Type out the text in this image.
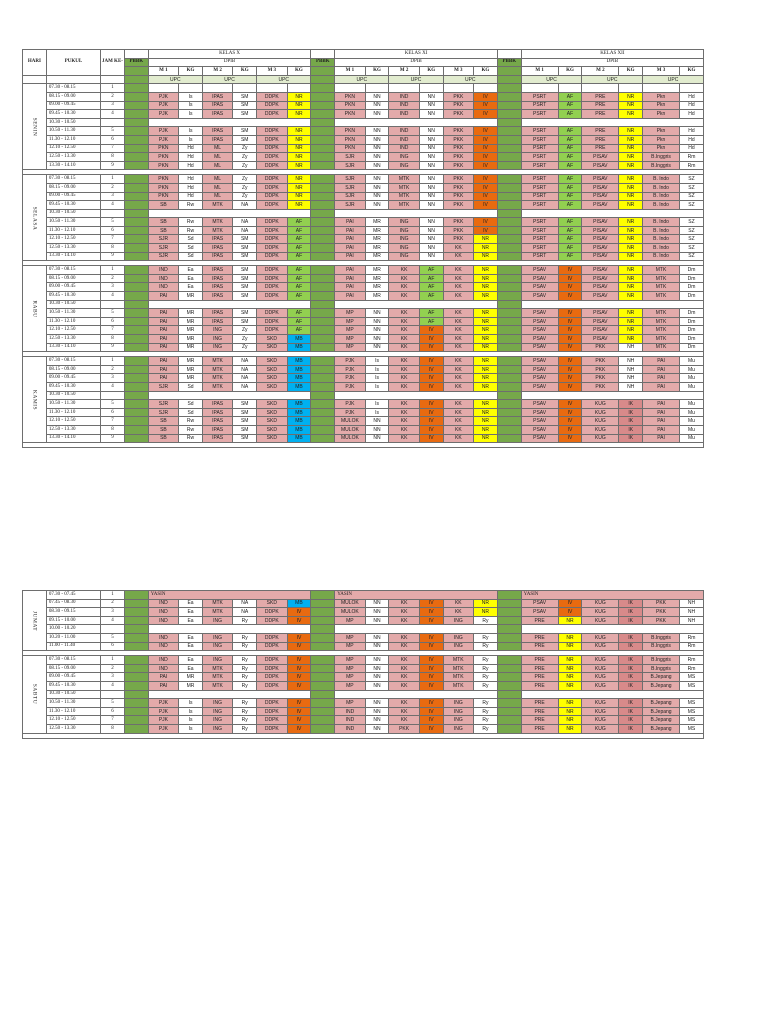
HARI	PUKUL	JAM KE-		KELAS X							KELAS XI							KELAS XII					
			PBBK	DPIB						PBBK	DPIB						PBBK	DPIB					
				M 1	KG	M 2	KG	M 3	KG		M 1	KG	M 2	KG	M 3	KG		M 1	KG	M 2	KG	M 3	KG
				UPC		UPC		UPC			UPC		UPC		UPC			UPC		UPC		UPC	

SENIN	07.30 - 08.15	1																					
	08.15 - 09.00	2		PJK	Is	IPAS	SM	DDPK	NR		PKN	NN	IND	NN	PKK	IV		PSRT	AF	PRE	NR	Pkn	Hd
	09.00 - 09.45	3		PJK	Is	IPAS	SM	DDPK	NR		PKN	NN	IND	NN	PKK	IV		PSRT	AF	PRE	NR	Pkn	Hd
	09.45 - 10.30	4		PJK	Is	IPAS	SM	DDPK	NR		PKN	NN	IND	NN	PKK	IV		PSRT	AF	PRE	NR	Pkn	Hd
	10.30 - 10.50																						
	10.50 - 11.30	5		PJK	Is	IPAS	SM	DDPK	NR		PKN	NN	IND	NN	PKK	IV		PSRT	AF	PRE	NR	Pkn	Hd
	11.30 - 12.10	6		PJK	Is	IPAS	SM	DDPK	NR		PKN	NN	IND	NN	PKK	IV		PSRT	AF	PRE	NR	Pkn	Hd
	12.10 - 12.50	7		PKN	Hd	ML	Zy	DDPK	NR		PKN	NN	IND	NN	PKK	IV		PSRT	AF	PRE	NR	Pkn	Hd
	12.50 - 13.30	8		PKN	Hd	ML	Zy	DDPK	NR		SJR	NN	ING	NN	PKK	IV		PSRT	AF	PISAV	NR	B.Inggris	Rm
	13.30 - 14.10	9		PKN	Hd	ML	Zy	DDPK	NR		SJR	NN	ING	NN	PKK	IV		PSRT	AF	PISAV	NR	B.Inggris	Rm

SELASA	07.30 - 08.15	1		PKN	Hd	ML	Zy	DDPK	NR		SJR	NN	MTK	NN	PKK	IV		PSRT	AF	PISAV	NR	B. Indo	SZ
	08.15 - 09.00	2		PKN	Hd	ML	Zy	DDPK	NR		SJR	NN	MTK	NN	PKK	IV		PSRT	AF	PISAV	NR	B. Indo	SZ
	09.00 - 09.45	3		PKN	Hd	ML	Zy	DDPK	NR		SJR	NN	MTK	NN	PKK	IV		PSRT	AF	PISAV	NR	B. Indo	SZ
	09.45 - 10.30	4		SB	Rw	MTK	NA	DDPK	NR		SJR	NN	MTK	NN	PKK	IV		PSRT	AF	PISAV	NR	B. Indo	SZ
	10.30 - 10.50																						
	10.50 - 11.30	5		SB	Rw	MTK	NA	DDPK	AF		PAI	MR	ING	NN	PKK	IV		PSRT	AF	PISAV	NR	B. Indo	SZ
	11.30 - 12.10	6		SB	Rw	MTK	NA	DDPK	AF		PAI	MR	ING	NN	PKK	IV		PSRT	AF	PISAV	NR	B. Indo	SZ
	12.10 - 12.50	7		SJR	Sd	IPAS	SM	DDPK	AF		PAI	MR	ING	NN	PKK	NR		PSRT	AF	PISAV	NR	B. Indo	SZ
	12.50 - 13.30	8		SJR	Sd	IPAS	SM	DDPK	AF		PAI	MR	ING	NN	KK	NR		PSRT	AF	PISAV	NR	B. Indo	SZ
	13.30 - 14.10	9		SJR	Sd	IPAS	SM	DDPK	AF		PAI	MR	ING	NN	KK	NR		PSRT	AF	PISAV	NR	B. Indo	SZ

RABU	07.30 - 08.15	1		IND	Ea	IPAS	SM	DDPK	AF		PAI	MR	KK	AF	KK	NR		PSAV	IV	PISAV	NR	MTK	Dm
	08.15 - 09.00	2		IND	Ea	IPAS	SM	DDPK	AF		PAI	MR	KK	AF	KK	NR		PSAV	IV	PISAV	NR	MTK	Dm
	09.00 - 09.45	3		IND	Ea	IPAS	SM	DDPK	AF		PAI	MR	KK	AF	KK	NR		PSAV	IV	PISAV	NR	MTK	Dm
	09.45 - 10.30	4		PAI	MR	IPAS	SM	DDPK	AF		PAI	MR	KK	AF	KK	NR		PSAV	IV	PISAV	NR	MTK	Dm
	10.30 - 10.50																						
	10.50 - 11.30	5		PAI	MR	IPAS	SM	DDPK	AF		MP	NN	KK	AF	KK	NR		PSAV	IV	PISAV	NR	MTK	Dm
	11.30 - 12.10	6		PAI	MR	IPAS	SM	DDPK	AF		MP	NN	KK	AF	KK	NR		PSAV	IV	PISAV	NR	MTK	Dm
	12.10 - 12.50	7		PAI	MR	ING	Zy	DDPK	AF		MP	NN	KK	IV	KK	NR		PSAV	IV	PISAV	NR	MTK	Dm
	12.50 - 13.30	8		PAI	MR	ING	Zy	SKD	MB		MP	NN	KK	IV	KK	NR		PSAV	IV	PISAV	NR	MTK	Dm
	13.30 - 14.10	9		PAI	MR	ING	Zy	SKD	MB		MP	NN	KK	IV	KK	NR		PSAV	IV	PKK	NH	MTK	Dm

KAMIS	07.30 - 08.15	1		PAI	MR	MTK	NA	SKD	MB		PJK	Is	KK	IV	KK	NR		PSAV	IV	PKK	NH	PAI	Mu
	08.15 - 09.00	2		PAI	MR	MTK	NA	SKD	MB		PJK	Is	KK	IV	KK	NR		PSAV	IV	PKK	NH	PAI	Mu
	09.00 - 09.45	3		PAI	MR	MTK	NA	SKD	MB		PJK	Is	KK	IV	KK	NR		PSAV	IV	PKK	NH	PAI	Mu
	09.45 - 10.30	4		SJR	Sd	MTK	NA	SKD	MB		PJK	Is	KK	IV	KK	NR		PSAV	IV	PKK	NH	PAI	Mu
	10.30 - 10.50																						
	10.50 - 11.30	5		SJR	Sd	IPAS	SM	SKD	MB		PJK	Is	KK	IV	KK	NR		PSAV	IV	KUG	IK	PAI	Mu
	11.30 - 12.10	6		SJR	Sd	IPAS	SM	SKD	MB		PJK	Is	KK	IV	KK	NR		PSAV	IV	KUG	IK	PAI	Mu
	12.10 - 12.50	7		SB	Rw	IPAS	SM	SKD	MB		MULOK	NN	KK	IV	KK	NR		PSAV	IV	KUG	IK	PAI	Mu
	12.50 - 13.30	8		SB	Rw	IPAS	SM	SKD	MB		MULOK	NN	KK	IV	KK	NR		PSAV	IV	KUG	IK	PAI	Mu
	13.30 - 14.10	9		SB	Rw	IPAS	SM	SKD	MB		MULOK	NN	KK	IV	KK	NR		PSAV	IV	KUG	IK	PAI	Mu

JUMAT	07.30 - 07.45	1		YASIN							YASIN							YASIN					
	07.45 - 08.30	2		IND	Ea	MTK	NA	SKD	MB		MULOK	NN	KK	IV	KK	NR		PSAV	IV	KUG	IK	PKK	NH
	08.30 - 09.15	3		IND	Ea	MTK	NA	DDPK	IV		MULOK	NN	KK	IV	KK	NR		PSAV	IV	KUG	IK	PKK	NH
	09.15 - 10.00	4		IND	Ea	ING	Ry	DDPK	IV		MP	NN	KK	IV	ING	Ry		PRE	NR	KUG	IK	PKK	NH
	10.00 - 10.20																						
	10.20 - 11.00	5		IND	Ea	ING	Ry	DDPK	IV		MP	NN	KK	IV	ING	Ry		PRE	NR	KUG	IK	B.Inggris	Rm
	11.00 - 11.40	6		IND	Ea	ING	Ry	DDPK	IV		MP	NN	KK	IV	ING	Ry		PRE	NR	KUG	IK	B.Inggris	Rm

SABTU	07.30 - 08.15	1		IND	Ea	ING	Ry	DDPK	IV		MP	NN	KK	IV	MTK	Ry		PRE	NR	KUG	IK	B.Inggris	Rm
	08.15 - 09.00	2		IND	Ea	MTK	Ry	DDPK	IV		MP	NN	KK	IV	MTK	Ry		PRE	NR	KUG	IK	B.Inggris	Rm
	09.00 - 09.45	3		PAI	MR	MTK	Ry	DDPK	IV		MP	NN	KK	IV	MTK	Ry		PRE	NR	KUG	IK	B.Jepang	MS
	09.45 - 10.30	4		PAI	MR	MTK	Ry	DDPK	IV		MP	NN	KK	IV	MTK	Ry		PRE	NR	KUG	IK	B.Jepang	MS
	10.30 - 10.50																						
	10.50 - 11.30	5		PJK	Is	ING	Ry	DDPK	IV		MP	NN	KK	IV	ING	Ry		PRE	NR	KUG	IK	B.Jepang	MS
	11.30 - 12.10	6		PJK	Is	ING	Ry	DDPK	IV		IND	NN	KK	IV	ING	Ry		PRE	NR	KUG	IK	B.Jepang	MS
	12.10 - 12.50	7		PJK	Is	ING	Ry	DDPK	IV		IND	NN	KK	IV	ING	Ry		PRE	NR	KUG	IK	B.Jepang	MS
	12.50 - 13.30	8		PJK	Is	ING	Ry	DDPK	IV		IND	NN	PKK	IV	ING	Ry		PRE	NR	KUG	IK	B.Jepang	MS
